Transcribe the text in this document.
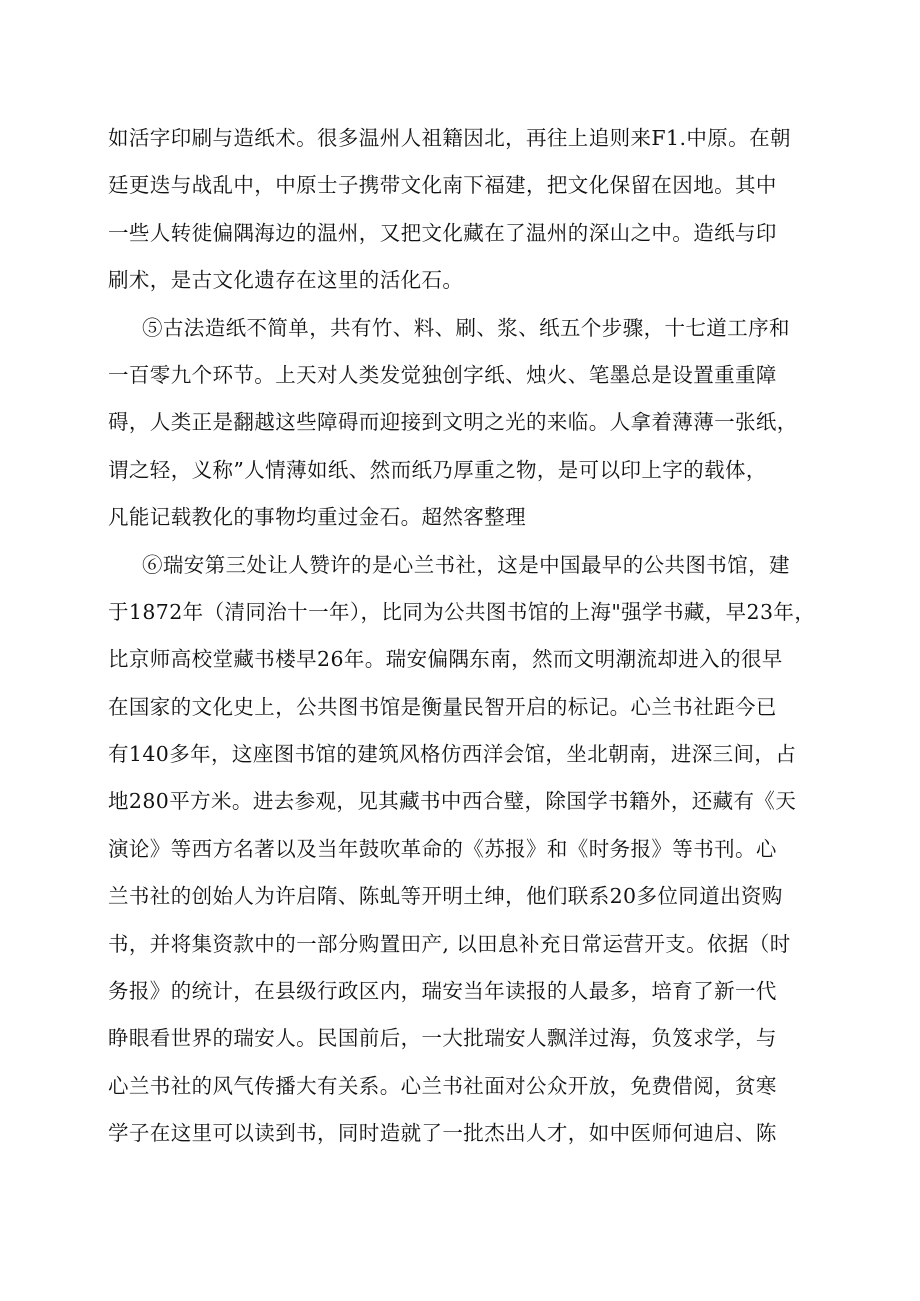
如活字印刷与造纸术。很多温州人祖籍因北，再往上追则来F1.中原。在朝
廷更迭与战乱中，中原士子携带文化南下福建，把文化保留在因地。其中
一些人转徙偏隅海边的温州，又把文化藏在了温州的深山之中。造纸与印
刷术，是古文化遗存在这里的活化石。
⑤古法造纸不简单，共有竹、料、刷、浆、纸五个步骤，十七道工序和
一百零九个环节。上天对人类发觉独创字纸、烛火、笔墨总是设置重重障
碍，人类正是翻越这些障碍而迎接到文明之光的来临。人拿着薄薄一张纸，
谓之轻，义称”人情薄如纸、然而纸乃厚重之物，是可以印上字的载体，
凡能记载教化的事物均重过金石。超然客整理
⑥瑞安第三处让人赞许的是心兰书社，这是中国最早的公共图书馆，建
于1872年（清同治十一年），比同为公共图书馆的上海"强学书藏，早23年，
比京师高校堂藏书楼早26年。瑞安偏隅东南，然而文明潮流却进入的很早
在国家的文化史上，公共图书馆是衡量民智开启的标记。心兰书社距今已
有140多年，这座图书馆的建筑风格仿西洋会馆，坐北朝南，进深三间，占
地280平方米。进去参观，见其藏书中西合璧，除国学书籍外，还藏有《天
演论》等西方名著以及当年鼓吹革命的《苏报》和《时务报》等书刊。心
兰书社的创始人为许启隋、陈虬等开明土绅，他们联系20多位同道出资购
书，并将集资款中的一部分购置田产, 以田息补充日常运营开支。依据（时
务报》的统计，在县级行政区内，瑞安当年读报的人最多，培育了新一代
睁眼看世界的瑞安人。民国前后，一大批瑞安人飘洋过海，负笈求学，与
心兰书社的风气传播大有关系。心兰书社面对公众开放，免费借阅，贫寒
学子在这里可以读到书，同时造就了一批杰出人才，如中医师何迪启、陈
